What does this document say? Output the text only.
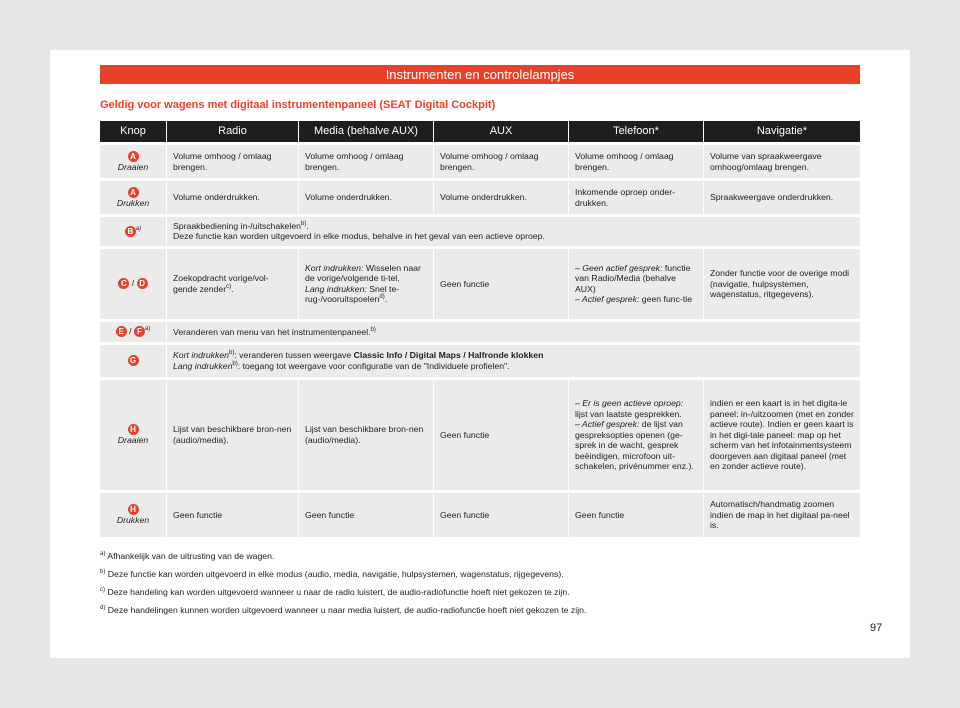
Instrumenten en controlelampjes
Geldig voor wagens met digitaal instrumentenpaneel (SEAT Digital Cockpit)
Knop	Radio	Media (behalve AUX)	AUX	Telefoon*	Navigatie*
A
Draaien	Volume omhoog / omlaag brengen.	Volume omhoog / omlaag brengen.	Volume omhoog / omlaag brengen.	Volume omhoog / omlaag brengen.	Volume van spraakweergave omhoog/omlaag brengen.
A
Drukken	Volume onderdrukken.	Volume onderdrukken.	Volume onderdrukken.	Inkomende oproep onder-drukken.	Spraakweergave onderdrukken.
B $^{a)}$	Spraakbediening in-/uitschakelen$^{b)}$.
Deze functie kan worden uitgevoerd in elke modus, behalve in het geval van een actieve oproep.				
C / D	Zoekopdracht vorige/vol-gende zender$^{c)}$.	Kort indrukken: Wisselen naar de vorige/volgende ti-tel.
Lang indrukken: Snel te-rug-/vooruitspoelen$^{d)}$.	Geen functie	– Geen actief gesprek: functie van Radio/Media (behalve AUX)
– Actief gesprek: geen func-tie	Zonder functie voor de overige modi (navigatie, hulpsystemen, wagenstatus, ritgegevens).
E / F $^{a)}$	Veranderen van menu van het instrumentenpaneel.$^{b)}$
G	Kort indrukken$^{b)}$: veranderen tussen weergave Classic Info / Digital Maps / Halfronde klokken
Lang indrukken$^{b)}$: toegang tot weergave voor configuratie van de "Individuele profielen".				
H
Draaien	Lijst van beschikbare bron-nen (audio/media).	Lijst van beschikbare bron-nen (audio/media).	Geen functie	– Er is geen actieve oproep: lijst van laatste gesprekken.
– Actief gesprek: de lijst van gespreksopties openen (ge-sprek in de wacht, gesprek beëindigen, microfoon uit-schakelen, privénummer enz.).	indien er een kaart is in het digita-le paneel: in-/uitzoomen (met en zonder actieve route). Indien er geen kaart is in het digi-tale paneel: map op het scherm van het infotainmentsysteem doorgeven aan digitaal paneel (met en zonder actieve route).
H
Drukken	Geen functie	Geen functie	Geen functie	Geen functie	Automatisch/handmatig zoomen indien de map in het digitaal pa-neel is.
$^{a)}$ Afhankelijk van de uitrusting van de wagen.
$^{b)}$ Deze functie kan worden uitgevoerd in elke modus (audio, media, navigatie, hulpsystemen, wagenstatus, rijgegevens).
$^{c)}$ Deze handeling kan worden uitgevoerd wanneer u naar de radio luistert, de audio-radiofunctie hoeft niet gekozen te zijn.
$^{d)}$ Deze handelingen kunnen worden uitgevoerd wanneer u naar media luistert, de audio-radiofunctie hoeft niet gekozen te zijn.
97
